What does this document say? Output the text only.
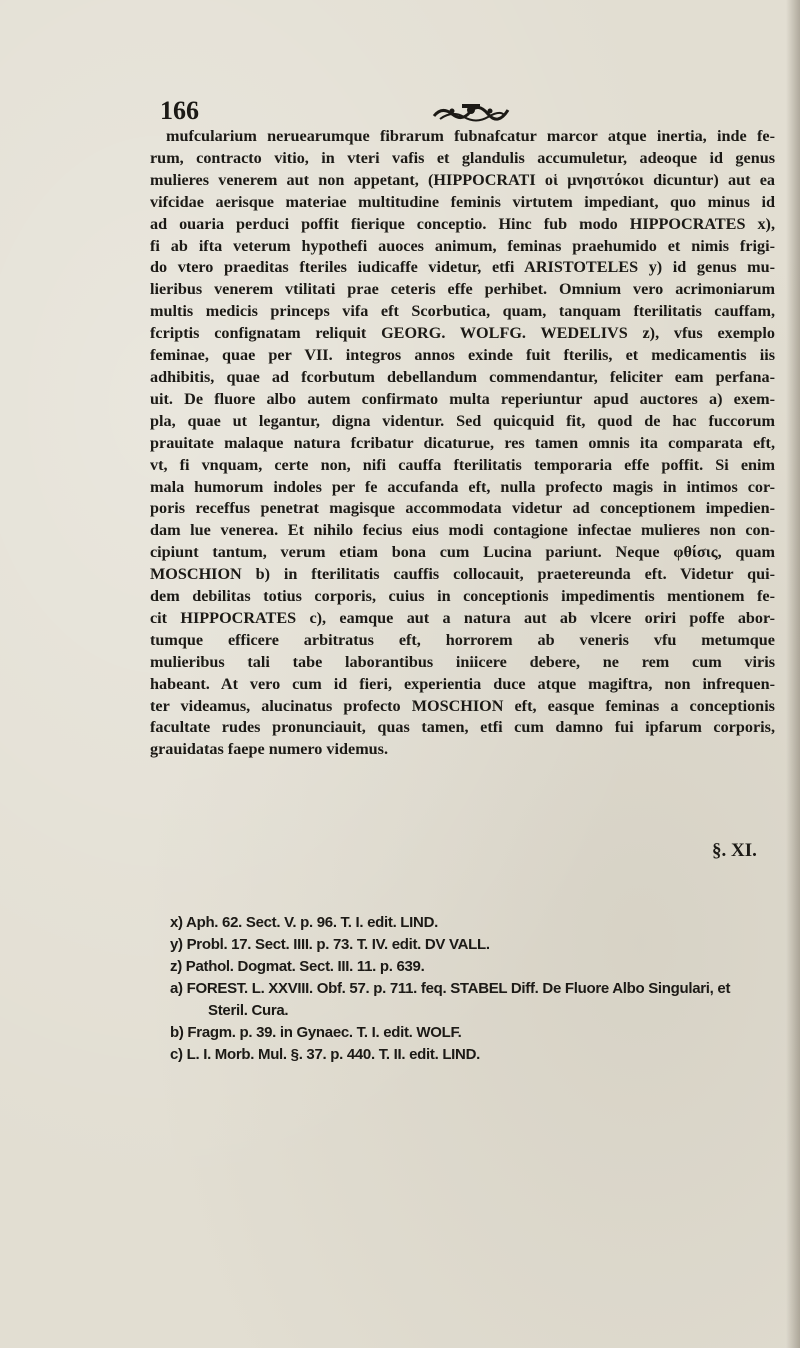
166
mufcularium neruearumque fibrarum fubnafcatur marcor atque inertia, inde fe-
rum, contracto vitio, in vteri vafis et glandulis accumuletur, adeoque id genus
mulieres venerem aut non appetant, (HIPPOCRATI οἱ μνησιτόκοι dicuntur) aut ea
vifcidae aerisque materiae multitudine feminis virtutem impediant, quo minus id
ad ouaria perduci poffit fierique conceptio. Hinc fub modo HIPPOCRATES x),
fi ab ifta veterum hypothefi auoces animum, feminas praehumido et nimis frigi-
do vtero praeditas fteriles iudicaffe videtur, etfi ARISTOTELES y) id genus mu-
lieribus venerem vtilitati prae ceteris effe perhibet. Omnium vero acrimoniarum
multis medicis princeps vifa eft Scorbutica, quam, tanquam fterilitatis cauffam,
fcriptis confignatam reliquit GEORG. WOLFG. WEDELIVS z), vfus exemplo
feminae, quae per VII. integros annos exinde fuit fterilis, et medicamentis iis
adhibitis, quae ad fcorbutum debellandum commendantur, feliciter eam perfana-
uit. De fluore albo autem confirmato multa reperiuntur apud auctores a) exem-
pla, quae ut legantur, digna videntur. Sed quicquid fit, quod de hac fuccorum
prauitate malaque natura fcribatur dicaturue, res tamen omnis ita comparata eft,
vt, fi vnquam, certe non, nifi cauffa fterilitatis temporaria effe poffit. Si enim
mala humorum indoles per fe accufanda eft, nulla profecto magis in intimos cor-
poris receffus penetrat magisque accommodata videtur ad conceptionem impedien-
dam lue venerea. Et nihilo fecius eius modi contagione infectae mulieres non con-
cipiunt tantum, verum etiam bona cum Lucina pariunt. Neque φθίσις, quam
MOSCHION b) in fterilitatis cauffis collocauit, praetereunda eft. Videtur qui-
dem debilitas totius corporis, cuius in conceptionis impedimentis mentionem fe-
cit HIPPOCRATES c), eamque aut a natura aut ab vlcere oriri poffe abor-
tumque efficere arbitratus eft, horrorem ab veneris vfu metumque
mulieribus tali tabe laborantibus iniicere debere, ne rem cum viris
habeant. At vero cum id fieri, experientia duce atque magiftra, non infrequen-
ter videamus, alucinatus profecto MOSCHION eft, easque feminas a conceptionis
facultate rudes pronunciauit, quas tamen, etfi cum damno fui ipfarum corporis,
grauidatas faepe numero videmus.
§. XI.
x) Aph. 62. Sect. V. p. 96. T. I. edit. LIND.
y) Probl. 17. Sect. IIII. p. 73. T. IV. edit. DV VALL.
z) Pathol. Dogmat. Sect. III. 11. p. 639.
a) FOREST. L. XXVIII. Obf. 57. p. 711. feq. STABEL Diff. De Fluore Albo Singulari, et
Steril. Cura.
b) Fragm. p. 39. in Gynaec. T. I. edit. WOLF.
c) L. I. Morb. Mul. §. 37. p. 440. T. II. edit. LIND.
